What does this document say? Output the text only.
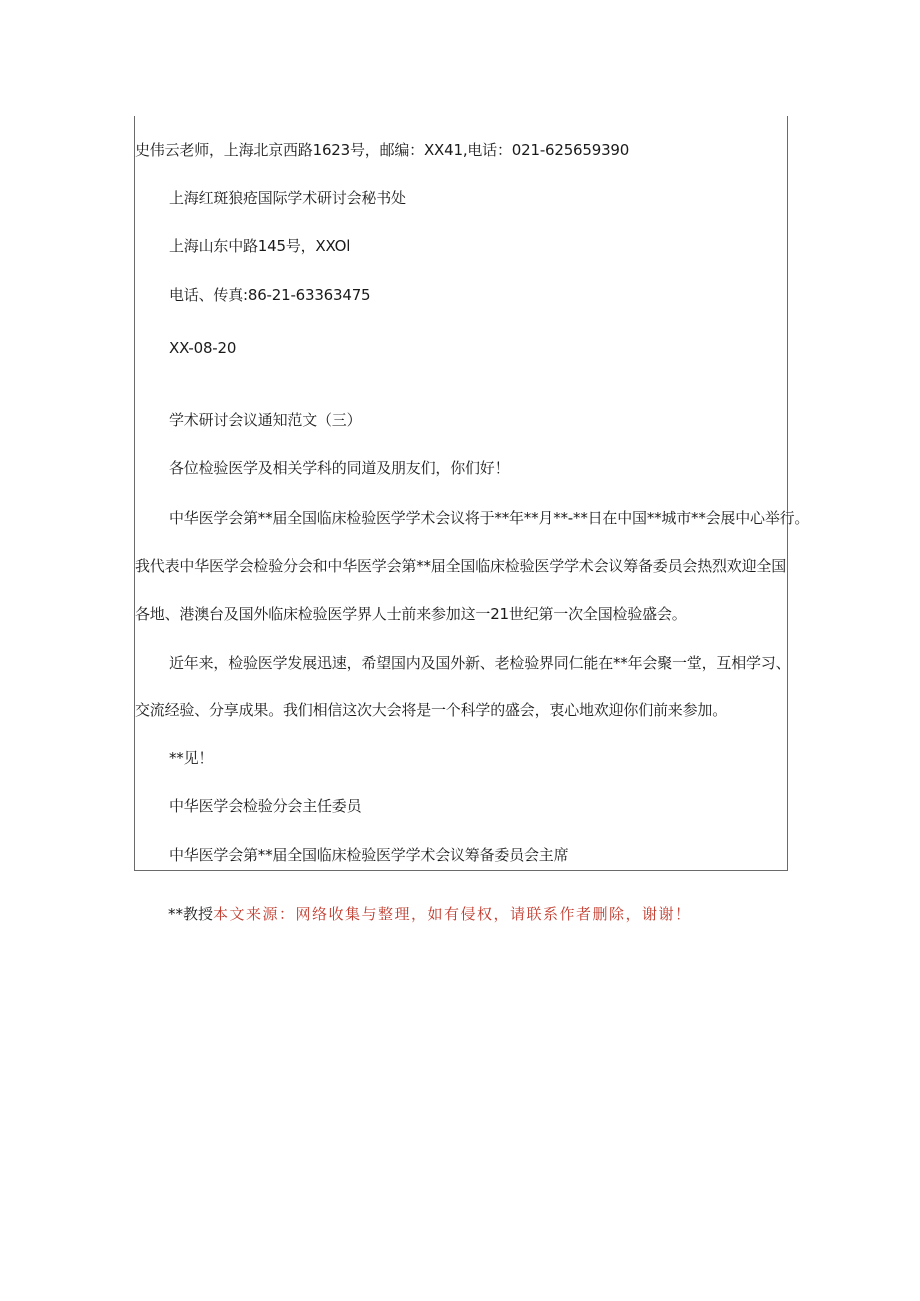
史伟云老师，上海北京西路1623号，邮编：XX41,电话：021-625659390
上海红斑狼疮国际学术研讨会秘书处
上海山东中路145号，XXOl
电话、传真:86-21-63363475
XX-08-20
学术研讨会议通知范文（三）
各位检验医学及相关学科的同道及朋友们，你们好！
中华医学会第**届全国临床检验医学学术会议将于**年**月**-**日在中国**城市**会展中心举行。
我代表中华医学会检验分会和中华医学会第**届全国临床检验医学学术会议筹备委员会热烈欢迎全国
各地、港澳台及国外临床检验医学界人士前来参加这一21世纪第一次全国检验盛会。
近年来，检验医学发展迅速，希望国内及国外新、老检验界同仁能在**年会聚一堂，互相学习、
交流经验、分享成果。我们相信这次大会将是一个科学的盛会，衷心地欢迎你们前来参加。
**见！
中华医学会检验分会主任委员
中华医学会第**届全国临床检验医学学术会议筹备委员会主席
**教授本文来源：网络收集与整理，如有侵权，请联系作者删除，谢谢！
